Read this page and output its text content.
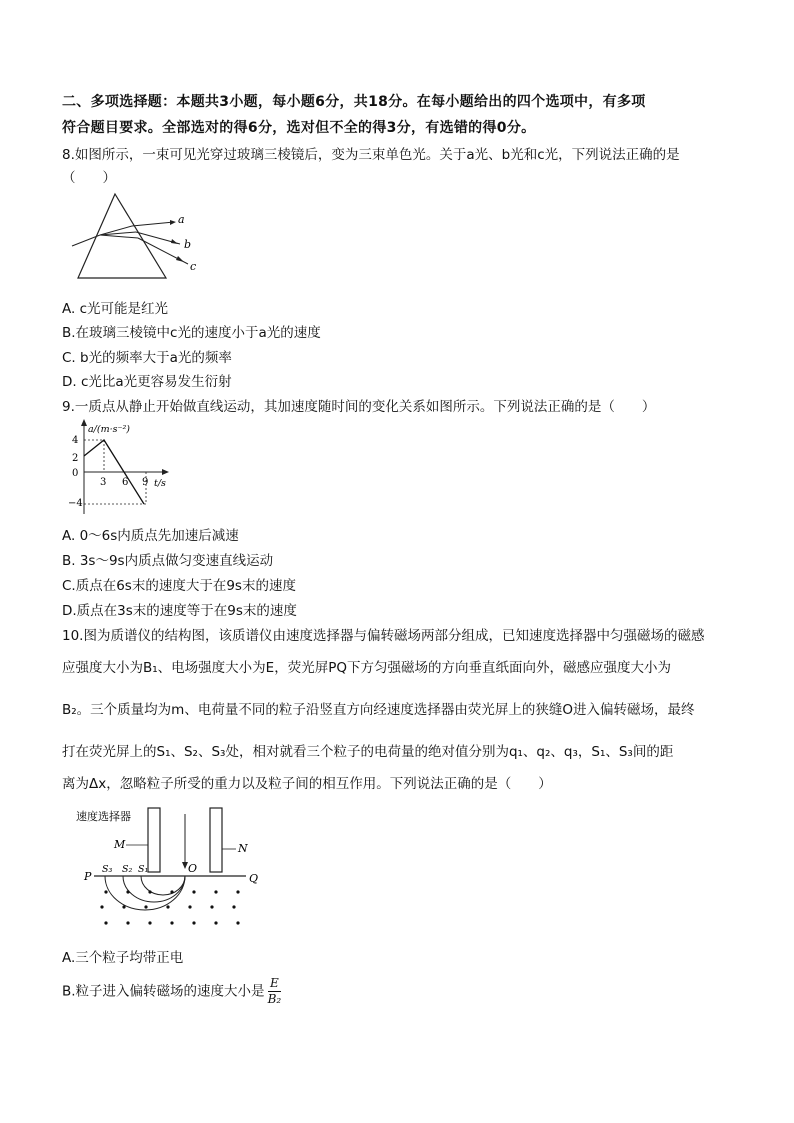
二、多项选择题：本题共3小题，每小题6分，共18分。在每小题给出的四个选项中，有多项
符合题目要求。全部选对的得6分，选对但不全的得3分，有选错的得0分。
8.如图所示，一束可见光穿过玻璃三棱镜后，变为三束单色光。关于a光、b光和c光，下列说法正确的是
（　　）
a
b
c
A. c光可能是红光
B.在玻璃三棱镜中c光的速度小于a光的速度
C. b光的频率大于a光的频率
D. c光比a光更容易发生衍射
9.一质点从静止开始做直线运动，其加速度随时间的变化关系如图所示。下列说法正确的是（　　）
a/(m·s⁻²)
t/s
4
2
0
−4
3 6 9
A. 0～6s内质点先加速后减速
B. 3s～9s内质点做匀变速直线运动
C.质点在6s末的速度大于在9s末的速度
D.质点在3s末的速度等于在9s末的速度
10.图为质谱仪的结构图，该质谱仪由速度选择器与偏转磁场两部分组成，已知速度选择器中匀强磁场的磁感
应强度大小为B₁、电场强度大小为E，荧光屏PQ下方匀强磁场的方向垂直纸面向外，磁感应强度大小为
B₂。三个质量均为m、电荷量不同的粒子沿竖直方向经速度选择器由荧光屏上的狭缝O进入偏转磁场，最终
打在荧光屏上的S₁、S₂、S₃处，相对就看三个粒子的电荷量的绝对值分别为q₁、q₂、q₃，S₁、S₃间的距
离为Δx，忽略粒子所受的重力以及粒子间的相互作用。下列说法正确的是（　　）
速度选择器
M	N
P	Q
O
S₃ S₂ S₁
A.三个粒子均带正电
B.粒子进入偏转磁场的速度大小是 $\frac{E}{\text{B₂}}$
